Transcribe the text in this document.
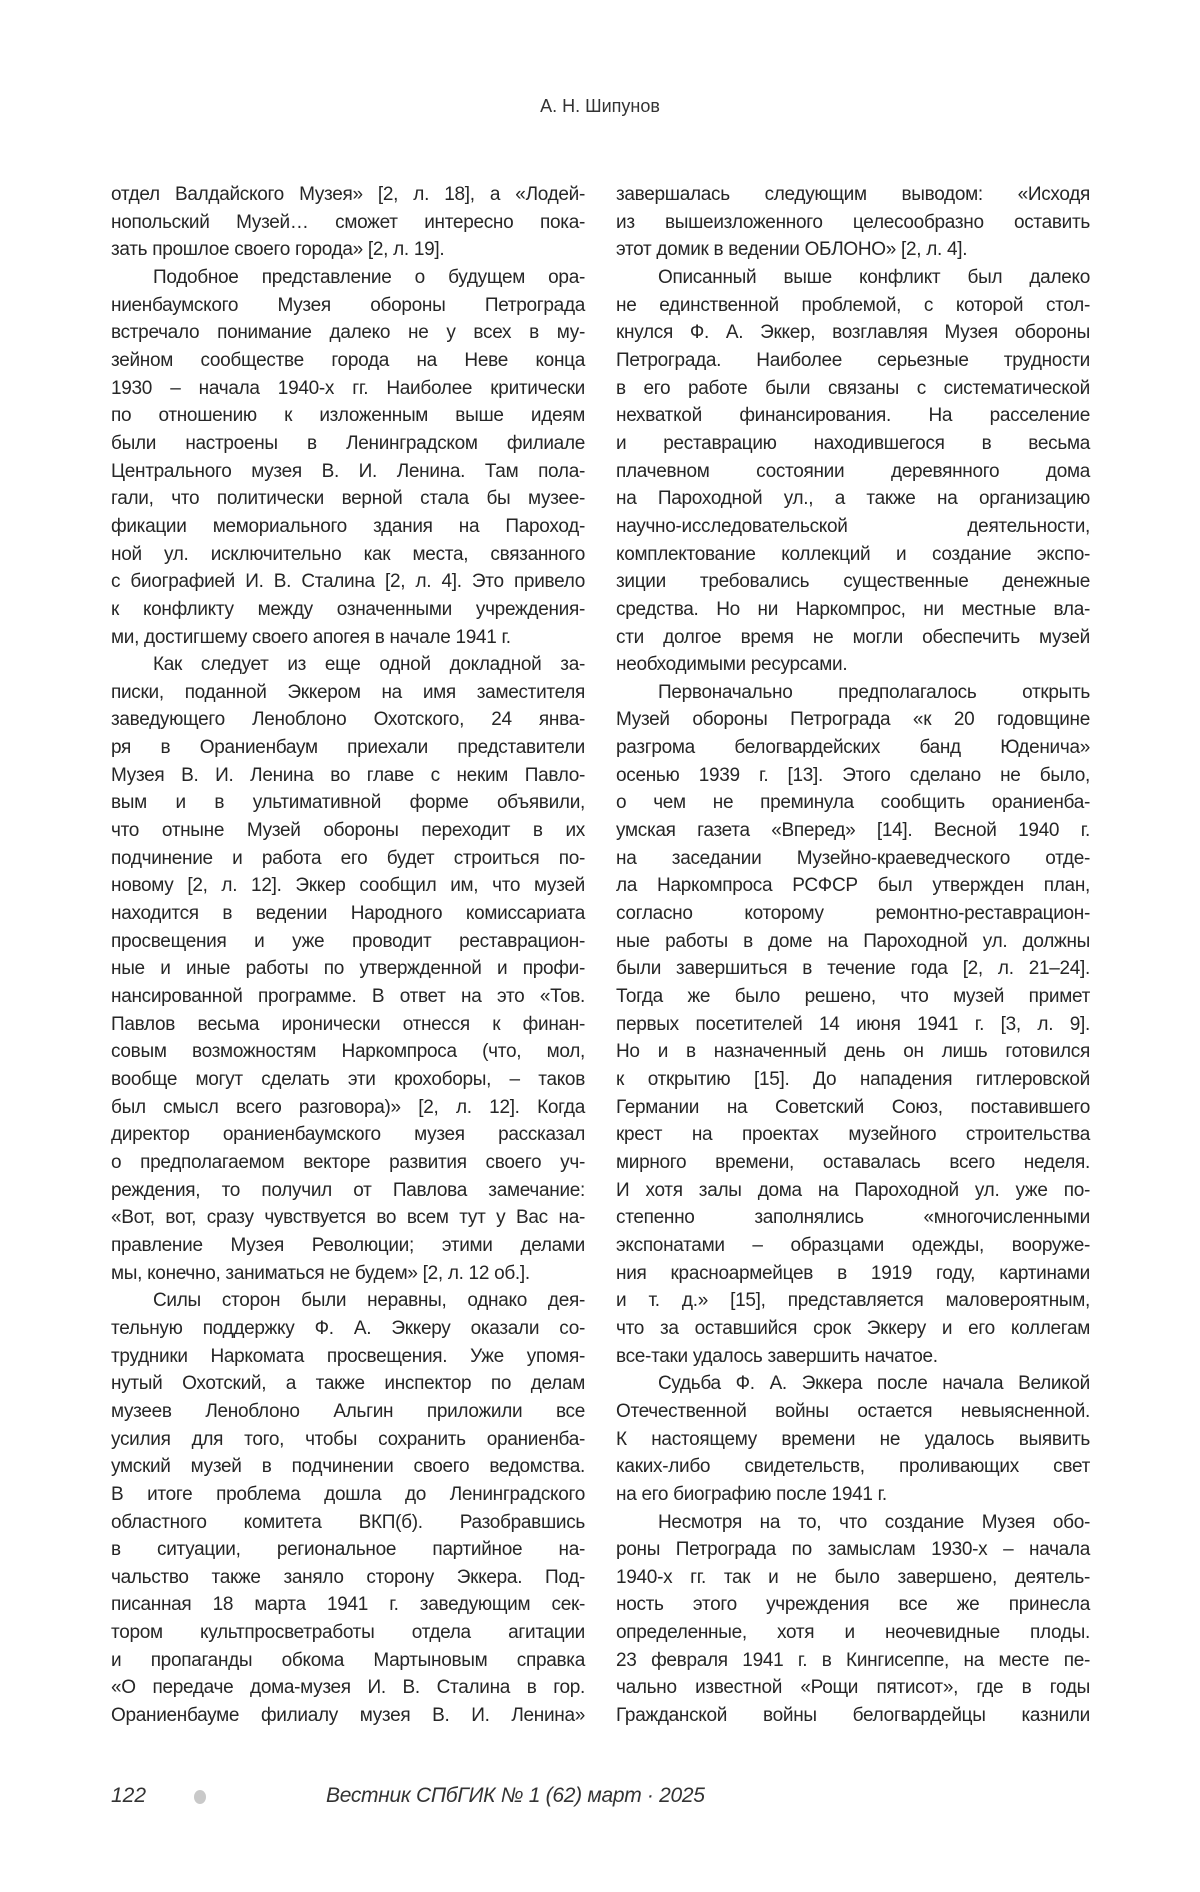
А. Н. Шипунов
отдел Валдайского Музея» [2, л. 18], а «Лодей-
нопольский Музей… сможет интересно пока-
зать прошлое своего города» [2, л. 19].
Подобное представление о будущем ора-
ниенбаумского Музея обороны Петрограда
встречало понимание далеко не у всех в му-
зейном сообществе города на Неве конца
1930 – начала 1940-х гг. Наиболее критически
по отношению к изложенным выше идеям
были настроены в Ленинградском филиале
Центрального музея В. И. Ленина. Там пола-
гали, что политически верной стала бы музее-
фикации мемориального здания на Пароход-
ной ул. исключительно как места, связанного
с биографией И. В. Сталина [2, л. 4]. Это привело
к конфликту между означенными учреждения-
ми, достигшему своего апогея в начале 1941 г.
Как следует из еще одной докладной за-
писки, поданной Эккером на имя заместителя
заведующего Леноблоно Охотского, 24 янва-
ря в Ораниенбаум приехали представители
Музея В. И. Ленина во главе с неким Павло-
вым и в ультимативной форме объявили,
что отныне Музей обороны переходит в их
подчинение и работа его будет строиться по-
новому [2, л. 12]. Эккер сообщил им, что музей
находится в ведении Народного комиссариата
просвещения и уже проводит реставрацион-
ные и иные работы по утвержденной и профи-
нансированной программе. В ответ на это «Тов.
Павлов весьма иронически отнесся к финан-
совым возможностям Наркомпроса (что, мол,
вообще могут сделать эти крохоборы, – таков
был смысл всего разговора)» [2, л. 12]. Когда
директор ораниенбаумского музея рассказал
о предполагаемом векторе развития своего уч-
реждения, то получил от Павлова замечание:
«Вот, вот, сразу чувствуется во всем тут у Вас на-
правление Музея Революции; этими делами
мы, конечно, заниматься не будем» [2, л. 12 об.].
Силы сторон были неравны, однако дея-
тельную поддержку Ф. А. Эккеру оказали со-
трудники Наркомата просвещения. Уже упомя-
нутый Охотский, а также инспектор по делам
музеев Леноблоно Альгин приложили все
усилия для того, чтобы сохранить ораниенба-
умский музей в подчинении своего ведомства.
В итоге проблема дошла до Ленинградского
областного комитета ВКП(б). Разобравшись
в ситуации, региональное партийное на-
чальство также заняло сторону Эккера. Под-
писанная 18 марта 1941 г. заведующим сек-
тором культпросветработы отдела агитации
и пропаганды обкома Мартыновым справка
«О передаче дома-музея И. В. Сталина в гор.
Ораниенбауме филиалу музея В. И. Ленина»
завершалась следующим выводом: «Исходя
из вышеизложенного целесообразно оставить
этот домик в ведении ОБЛОНО» [2, л. 4].
Описанный выше конфликт был далеко
не единственной проблемой, с которой стол-
кнулся Ф. А. Эккер, возглавляя Музея обороны
Петрограда. Наиболее серьезные трудности
в его работе были связаны с систематической
нехваткой финансирования. На расселение
и реставрацию находившегося в весьма
плачевном состоянии деревянного дома
на Пароходной ул., а также на организацию
научно-исследовательской деятельности,
комплектование коллекций и создание экспо-
зиции требовались существенные денежные
средства. Но ни Наркомпрос, ни местные вла-
сти долгое время не могли обеспечить музей
необходимыми ресурсами.
Первоначально предполагалось открыть
Музей обороны Петрограда «к 20 годовщине
разгрома белогвардейских банд Юденича»
осенью 1939 г. [13]. Этого сделано не было,
о чем не преминула сообщить ораниенба-
умская газета «Вперед» [14]. Весной 1940 г.
на заседании Музейно-краеведческого отде-
ла Наркомпроса РСФСР был утвержден план,
согласно которому ремонтно-реставрацион-
ные работы в доме на Пароходной ул. должны
были завершиться в течение года [2, л. 21–24].
Тогда же было решено, что музей примет
первых посетителей 14 июня 1941 г. [3, л. 9].
Но и в назначенный день он лишь готовился
к открытию [15]. До нападения гитлеровской
Германии на Советский Союз, поставившего
крест на проектах музейного строительства
мирного времени, оставалась всего неделя.
И хотя залы дома на Пароходной ул. уже по-
степенно заполнялись «многочисленными
экспонатами – образцами одежды, вооруже-
ния красноармейцев в 1919 году, картинами
и т. д.» [15], представляется маловероятным,
что за оставшийся срок Эккеру и его коллегам
все-таки удалось завершить начатое.
Судьба Ф. А. Эккера после начала Великой
Отечественной войны остается невыясненной.
К настоящему времени не удалось выявить
каких-либо свидетельств, проливающих свет
на его биографию после 1941 г.
Несмотря на то, что создание Музея обо-
роны Петрограда по замыслам 1930-х – начала
1940-х гг. так и не было завершено, деятель-
ность этого учреждения все же принесла
определенные, хотя и неочевидные плоды.
23 февраля 1941 г. в Кингисеппе, на месте пе-
чально известной «Рощи пятисот», где в годы
Гражданской войны белогвардейцы казнили
122	Вестник СПбГИК № 1 (62) март · 2025
